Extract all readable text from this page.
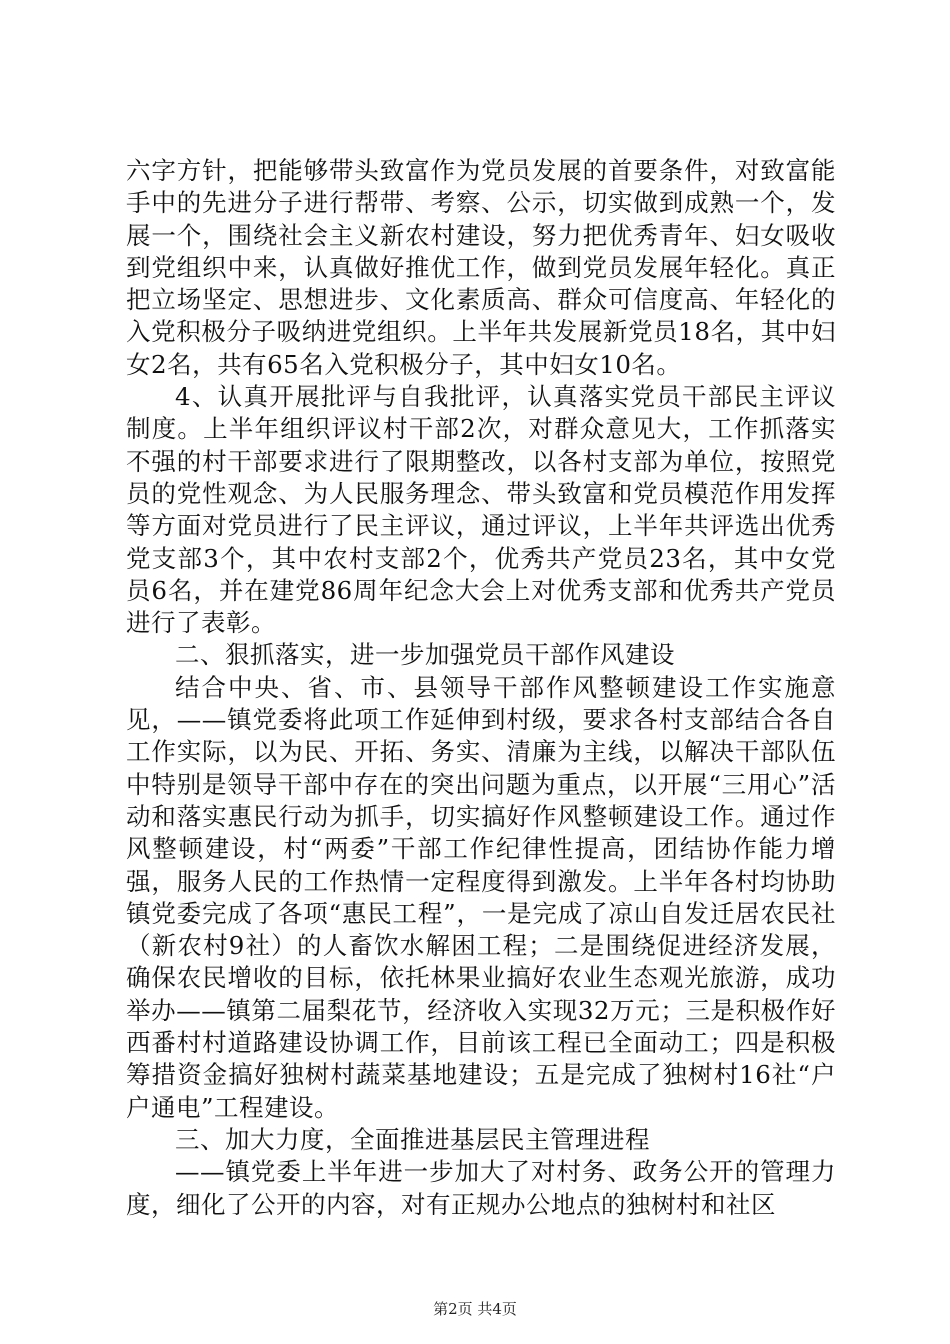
六字方针，把能够带头致富作为党员发展的首要条件，对致富能手中的先进分子进行帮带、考察、公示，切实做到成熟一个，发展一个，围绕社会主义新农村建设，努力把优秀青年、妇女吸收到党组织中来，认真做好推优工作，做到党员发展年轻化。真正把立场坚定、思想进步、文化素质高、群众可信度高、年轻化的入党积极分子吸纳进党组织。上半年共发展新党员18名，其中妇女2名，共有65名入党积极分子，其中妇女10名。

4、认真开展批评与自我批评，认真落实党员干部民主评议制度。上半年组织评议村干部2次，对群众意见大，工作抓落实不强的村干部要求进行了限期整改，以各村支部为单位，按照党员的党性观念、为人民服务理念、带头致富和党员模范作用发挥等方面对党员进行了民主评议，通过评议，上半年共评选出优秀党支部3个，其中农村支部2个，优秀共产党员23名，其中女党员6名，并在建党86周年纪念大会上对优秀支部和优秀共产党员进行了表彰。

二、狠抓落实，进一步加强党员干部作风建设

结合中央、省、市、县领导干部作风整顿建设工作实施意见，——镇党委将此项工作延伸到村级，要求各村支部结合各自工作实际，以为民、开拓、务实、清廉为主线，以解决干部队伍中特别是领导干部中存在的突出问题为重点，以开展“三用心”活动和落实惠民行动为抓手，切实搞好作风整顿建设工作。通过作风整顿建设，村“两委”干部工作纪律性提高，团结协作能力增强，服务人民的工作热情一定程度得到激发。上半年各村均协助镇党委完成了各项“惠民工程”，一是完成了凉山自发迁居农民社（新农村9社）的人畜饮水解困工程；二是围绕促进经济发展，确保农民增收的目标，依托林果业搞好农业生态观光旅游，成功举办——镇第二届梨花节，经济收入实现32万元；三是积极作好西番村村道路建设协调工作，目前该工程已全面动工；四是积极筹措资金搞好独树村蔬菜基地建设；五是完成了独树村16社“户户通电”工程建设。

三、加大力度，全面推进基层民主管理进程

——镇党委上半年进一步加大了对村务、政务公开的管理力度，细化了公开的内容，对有正规办公地点的独树村和社区

第2页 共4页
